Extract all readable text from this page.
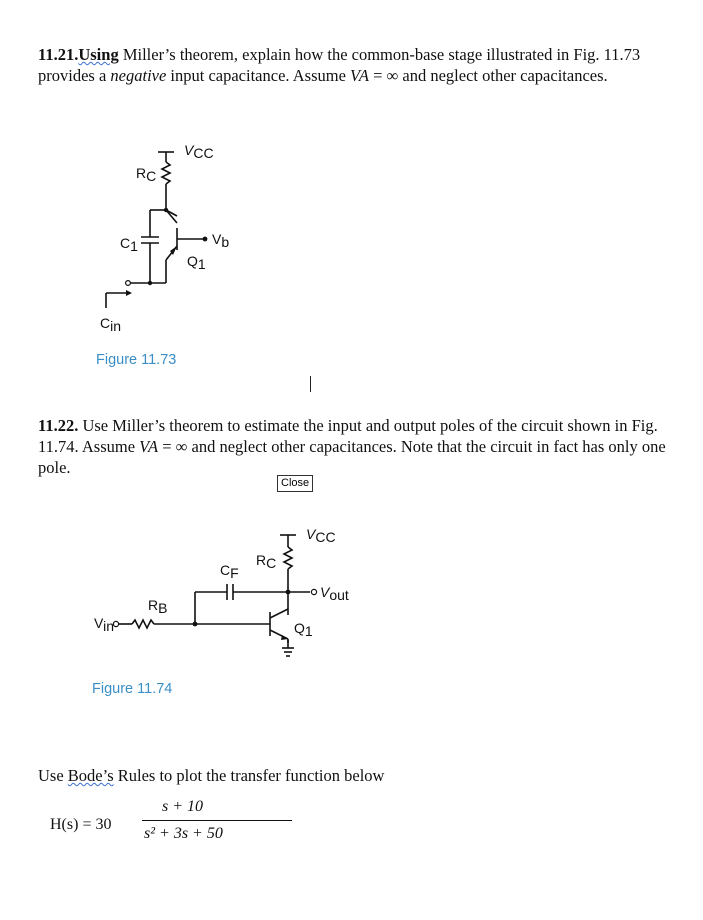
11.21.Using Miller’s theorem, explain how the common-base stage illustrated in Fig. 11.73 provides a negative input capacitance. Assume VA = ∞ and neglect other capacitances.
VCC
RC
C1	Vb
Q1
Cin
Figure 11.73
11.22. Use Miller’s theorem to estimate the input and output poles of the circuit shown in Fig. 11.74. Assume VA = ∞ and neglect other capacitances. Note that the circuit in fact has only one pole.
Close
VCC
RC
CF
Vout
RB
Vin	Q1
Figure 11.74
Use Bode’s Rules to plot the transfer function below
H(s) = 30
s + 10
s² + 3s + 50
